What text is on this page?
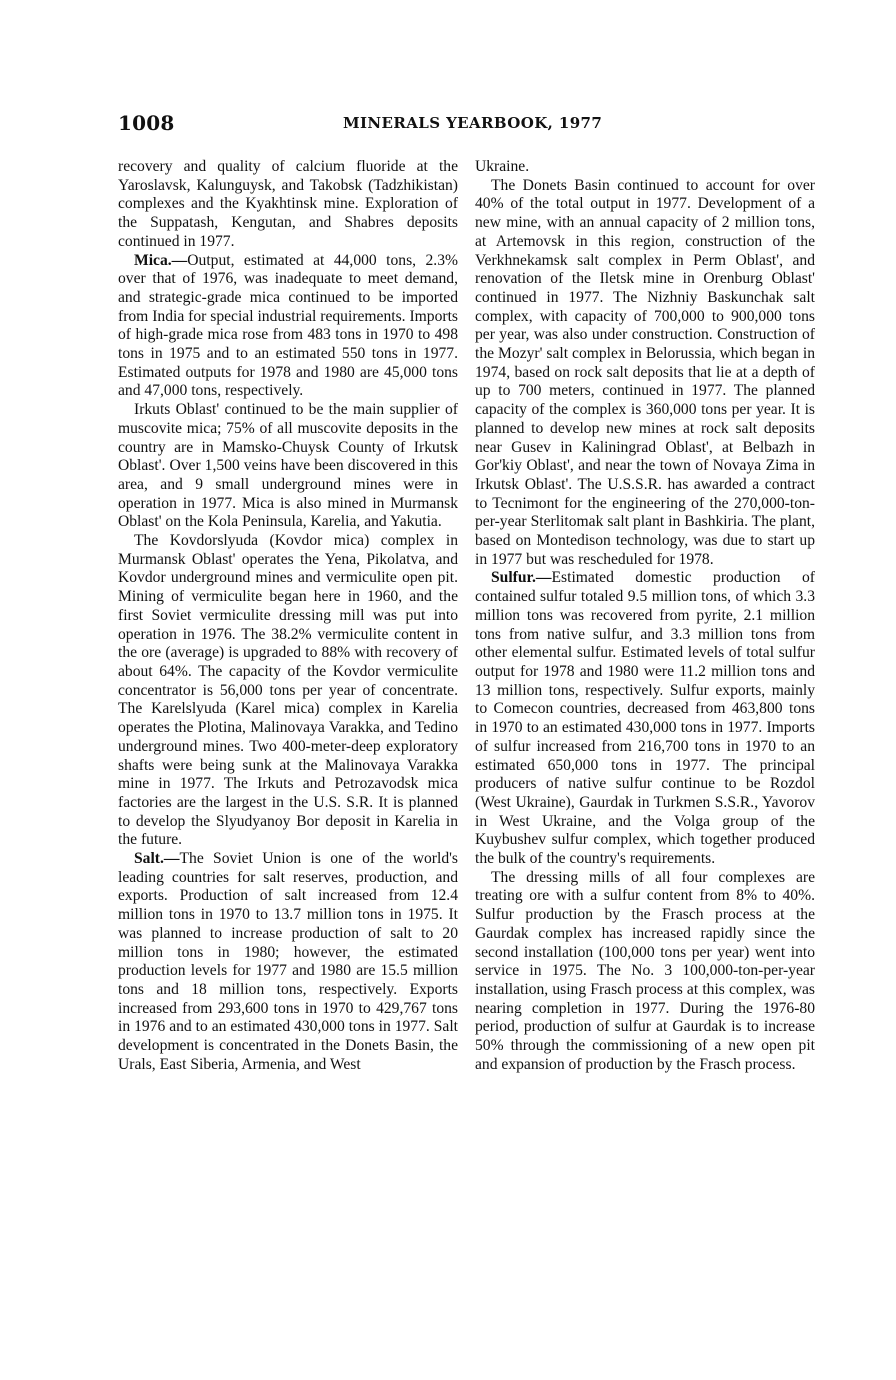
1008	MINERALS YEARBOOK, 1977

recovery and quality of calcium fluoride at the Yaroslavsk, Kalunguysk, and Takobsk (Tadzhikistan) complexes and the Kyakhtinsk mine. Exploration of the Suppatash, Kengutan, and Shabres deposits continued in 1977.

Mica.—Output, estimated at 44,000 tons, 2.3% over that of 1976, was inadequate to meet demand, and strategic-grade mica continued to be imported from India for special industrial requirements. Imports of high-grade mica rose from 483 tons in 1970 to 498 tons in 1975 and to an estimated 550 tons in 1977. Estimated outputs for 1978 and 1980 are 45,000 tons and 47,000 tons, respectively.

Irkuts Oblast' continued to be the main supplier of muscovite mica; 75% of all muscovite deposits in the country are in Mamsko-Chuysk County of Irkutsk Oblast'. Over 1,500 veins have been discovered in this area, and 9 small underground mines were in operation in 1977. Mica is also mined in Murmansk Oblast' on the Kola Peninsula, Karelia, and Yakutia.

The Kovdorslyuda (Kovdor mica) complex in Murmansk Oblast' operates the Yena, Pikolatva, and Kovdor underground mines and vermiculite open pit. Mining of vermiculite began here in 1960, and the first Soviet vermiculite dressing mill was put into operation in 1976. The 38.2% vermiculite content in the ore (average) is upgraded to 88% with recovery of about 64%. The capacity of the Kovdor vermiculite concentrator is 56,000 tons per year of concentrate. The Karelslyuda (Karel mica) complex in Karelia operates the Plotina, Malinovaya Varakka, and Tedino underground mines. Two 400-meter-deep exploratory shafts were being sunk at the Malinovaya Varakka mine in 1977. The Irkuts and Petrozavodsk mica factories are the largest in the U.S. S.R. It is planned to develop the Slyudyanoy Bor deposit in Karelia in the future.

Salt.—The Soviet Union is one of the world's leading countries for salt reserves, production, and exports. Production of salt increased from 12.4 million tons in 1970 to 13.7 million tons in 1975. It was planned to increase production of salt to 20 million tons in 1980; however, the estimated production levels for 1977 and 1980 are 15.5 million tons and 18 million tons, respectively. Exports increased from 293,600 tons in 1970 to 429,767 tons in 1976 and to an estimated 430,000 tons in 1977. Salt development is concentrated in the Donets Basin, the Urals, East Siberia, Armenia, and West

Ukraine.

The Donets Basin continued to account for over 40% of the total output in 1977. Development of a new mine, with an annual capacity of 2 million tons, at Artemovsk in this region, construction of the Verkhnekamsk salt complex in Perm Oblast', and renovation of the Iletsk mine in Orenburg Oblast' continued in 1977. The Nizhniy Baskunchak salt complex, with capacity of 700,000 to 900,000 tons per year, was also under construction. Construction of the Mozyr' salt complex in Belorussia, which began in 1974, based on rock salt deposits that lie at a depth of up to 700 meters, continued in 1977. The planned capacity of the complex is 360,000 tons per year. It is planned to develop new mines at rock salt deposits near Gusev in Kaliningrad Oblast', at Belbazh in Gor'kiy Oblast', and near the town of Novaya Zima in Irkutsk Oblast'. The U.S.S.R. has awarded a contract to Tecnimont for the engineering of the 270,000-ton-per-year Sterlitomak salt plant in Bashkiria. The plant, based on Montedison technology, was due to start up in 1977 but was rescheduled for 1978.

Sulfur.—Estimated domestic production of contained sulfur totaled 9.5 million tons, of which 3.3 million tons was recovered from pyrite, 2.1 million tons from native sulfur, and 3.3 million tons from other elemental sulfur. Estimated levels of total sulfur output for 1978 and 1980 were 11.2 million tons and 13 million tons, respectively. Sulfur exports, mainly to Comecon countries, decreased from 463,800 tons in 1970 to an estimated 430,000 tons in 1977. Imports of sulfur increased from 216,700 tons in 1970 to an estimated 650,000 tons in 1977. The principal producers of native sulfur continue to be Rozdol (West Ukraine), Gaurdak in Turkmen S.S.R., Yavorov in West Ukraine, and the Volga group of the Kuybushev sulfur complex, which together produced the bulk of the country's requirements.

The dressing mills of all four complexes are treating ore with a sulfur content from 8% to 40%. Sulfur production by the Frasch process at the Gaurdak complex has increased rapidly since the second installation (100,000 tons per year) went into service in 1975. The No. 3 100,000-ton-per-year installation, using Frasch process at this complex, was nearing completion in 1977. During the 1976-80 period, production of sulfur at Gaurdak is to increase 50% through the commissioning of a new open pit and expansion of production by the Frasch process.
